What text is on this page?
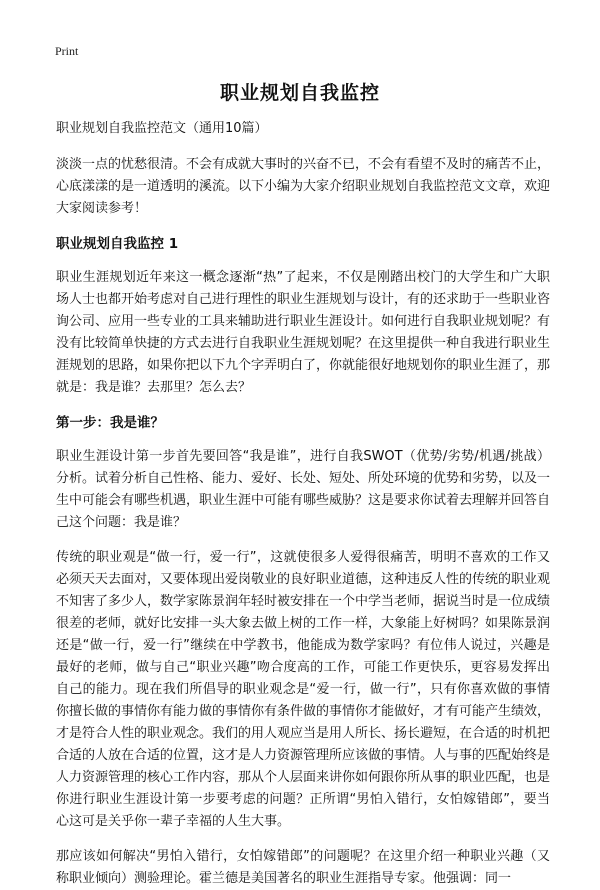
Print
职业规划自我监控

职业规划自我监控范文（通用10篇）

淡淡一点的忧愁很清。不会有成就大事时的兴奋不已，不会有看望不及时的痛苦不止，心底漾漾的是一道透明的溪流。以下小编为大家介绍职业规划自我监控范文文章，欢迎大家阅读参考！

职业规划自我监控 1

职业生涯规划近年来这一概念逐渐“热”了起来，不仅是刚踏出校门的大学生和广大职场人士也都开始考虑对自己进行理性的职业生涯规划与设计，有的还求助于一些职业咨询公司、应用一些专业的工具来辅助进行职业生涯设计。如何进行自我职业规划呢？有没有比较简单快捷的方式去进行自我职业生涯规划呢？在这里提供一种自我进行职业生涯规划的思路，如果你把以下九个字弄明白了，你就能很好地规划你的职业生涯了，那就是：我是谁？去那里？怎么去？

第一步：我是谁？

职业生涯设计第一步首先要回答“我是谁”，进行自我SWOT（优势/劣势/机遇/挑战）分析。试着分析自己性格、能力、爱好、长处、短处、所处环境的优势和劣势，以及一生中可能会有哪些机遇，职业生涯中可能有哪些威胁？这是要求你试着去理解并回答自己这个问题：我是谁？

传统的职业观是“做一行，爱一行”，这就使很多人爱得很痛苦，明明不喜欢的工作又必须天天去面对，又要体现出爱岗敬业的良好职业道德，这种违反人性的传统的职业观不知害了多少人，数学家陈景润年轻时被安排在一个中学当老师，据说当时是一位成绩很差的老师，就好比安排一头大象去做上树的工作一样，大象能上好树吗？如果陈景润还是“做一行，爱一行”继续在中学教书，他能成为数学家吗？有位伟人说过，兴趣是最好的老师，做与自己“职业兴趣”吻合度高的工作，可能工作更快乐，更容易发挥出自己的能力。现在我们所倡导的职业观念是“爱一行，做一行”，只有你喜欢做的事情你擅长做的事情你有能力做的事情你有条件做的事情你才能做好，才有可能产生绩效，才是符合人性的职业观念。我们的用人观应当是用人所长、扬长避短，在合适的时机把合适的人放在合适的位置，这才是人力资源管理所应该做的事情。人与事的匹配始终是人力资源管理的核心工作内容，那从个人层面来讲你如何跟你所从事的职业匹配，也是你进行职业生涯设计第一步要考虑的问题？正所谓“男怕入错行，女怕嫁错郎”，要当心这可是关乎你一辈子幸福的人生大事。

那应该如何解决“男怕入错行，女怕嫁错郎”的问题呢？在这里介绍一种职业兴趣（又称职业倾向）测验理论。霍兰德是美国著名的职业生涯指导专家。他强调：同一
